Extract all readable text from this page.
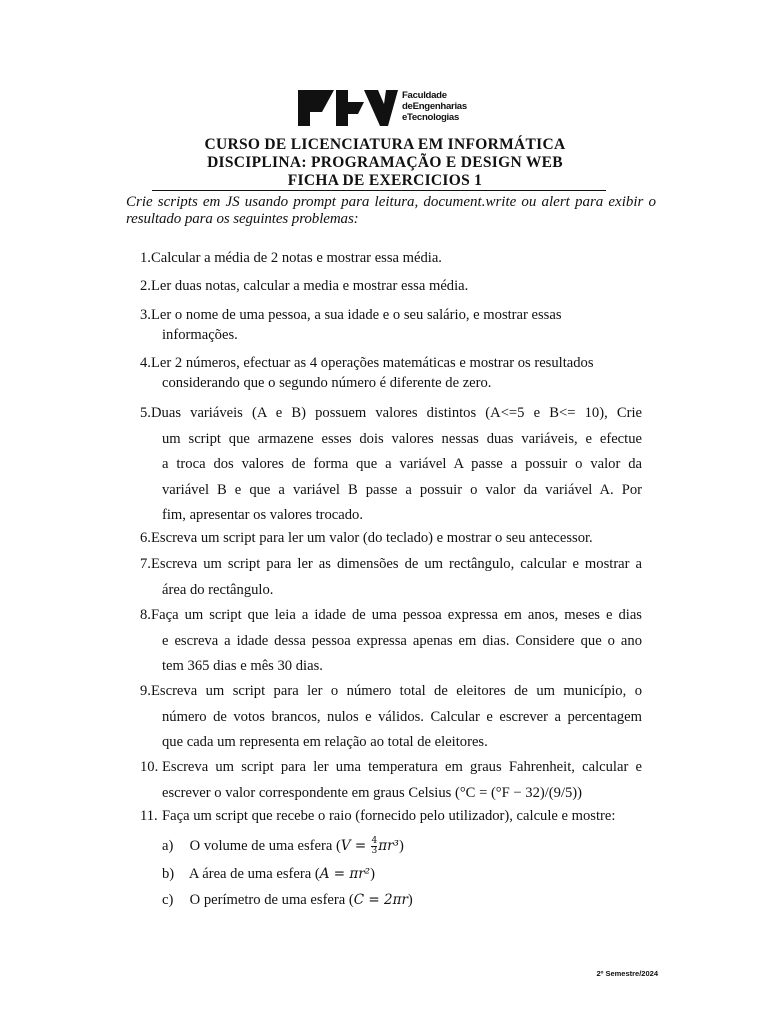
Faculdade
deEngenharias
eTecnologias
CURSO DE LICENCIATURA EM INFORMÁTICA
DISCIPLINA: PROGRAMAÇÃO E DESIGN WEB
FICHA DE EXERCICIOS 1
Crie scripts em JS usando prompt para leitura, document.write ou alert para exibir o
resultado para os seguintes problemas:
1. Calcular a média de 2 notas e mostrar essa média.
2. Ler duas notas, calcular a media e mostrar essa média.
3. Ler o nome de uma pessoa, a sua idade e o seu salário, e mostrar essas
informações.
4. Ler 2 números, efectuar as 4 operações matemáticas e mostrar os resultados
considerando que o segundo número é diferente de zero.
5. Duas variáveis (A e B) possuem valores distintos (A<=5 e B<= 10), Crie
um script que armazene esses dois valores nessas duas variáveis, e efectue
a troca dos valores de forma que a variável A passe a possuir o valor da
variável B e que a variável B passe a possuir o valor da variável A. Por
fim, apresentar os valores trocado.
6. Escreva um script para ler um valor (do teclado) e mostrar o seu antecessor.
7. Escreva um script para ler as dimensões de um rectângulo, calcular e mostrar a
área do rectângulo.
8. Faça um script que leia a idade de uma pessoa expressa em anos, meses e dias
e escreva a idade dessa pessoa expressa apenas em dias. Considere que o ano
tem 365 dias e mês 30 dias.
9. Escreva um script para ler o número total de eleitores de um município, o
número de votos brancos, nulos e válidos. Calcular e escrever a percentagem
que cada um representa em relação ao total de eleitores.
10. Escreva um script para ler uma temperatura em graus Fahrenheit, calcular e
escrever o valor correspondente em graus Celsius (°C = (°F − 32)/(9/5))
11. Faça um script que recebe o raio (fornecido pelo utilizador), calcule e mostre:
a) O volume de uma esfera $(V = \frac{4}{3} \pi r^3)$
b) A área de uma esfera (A = πr²)
c) O perímetro de uma esfera (C = 2πr)
2º Semestre/2024
